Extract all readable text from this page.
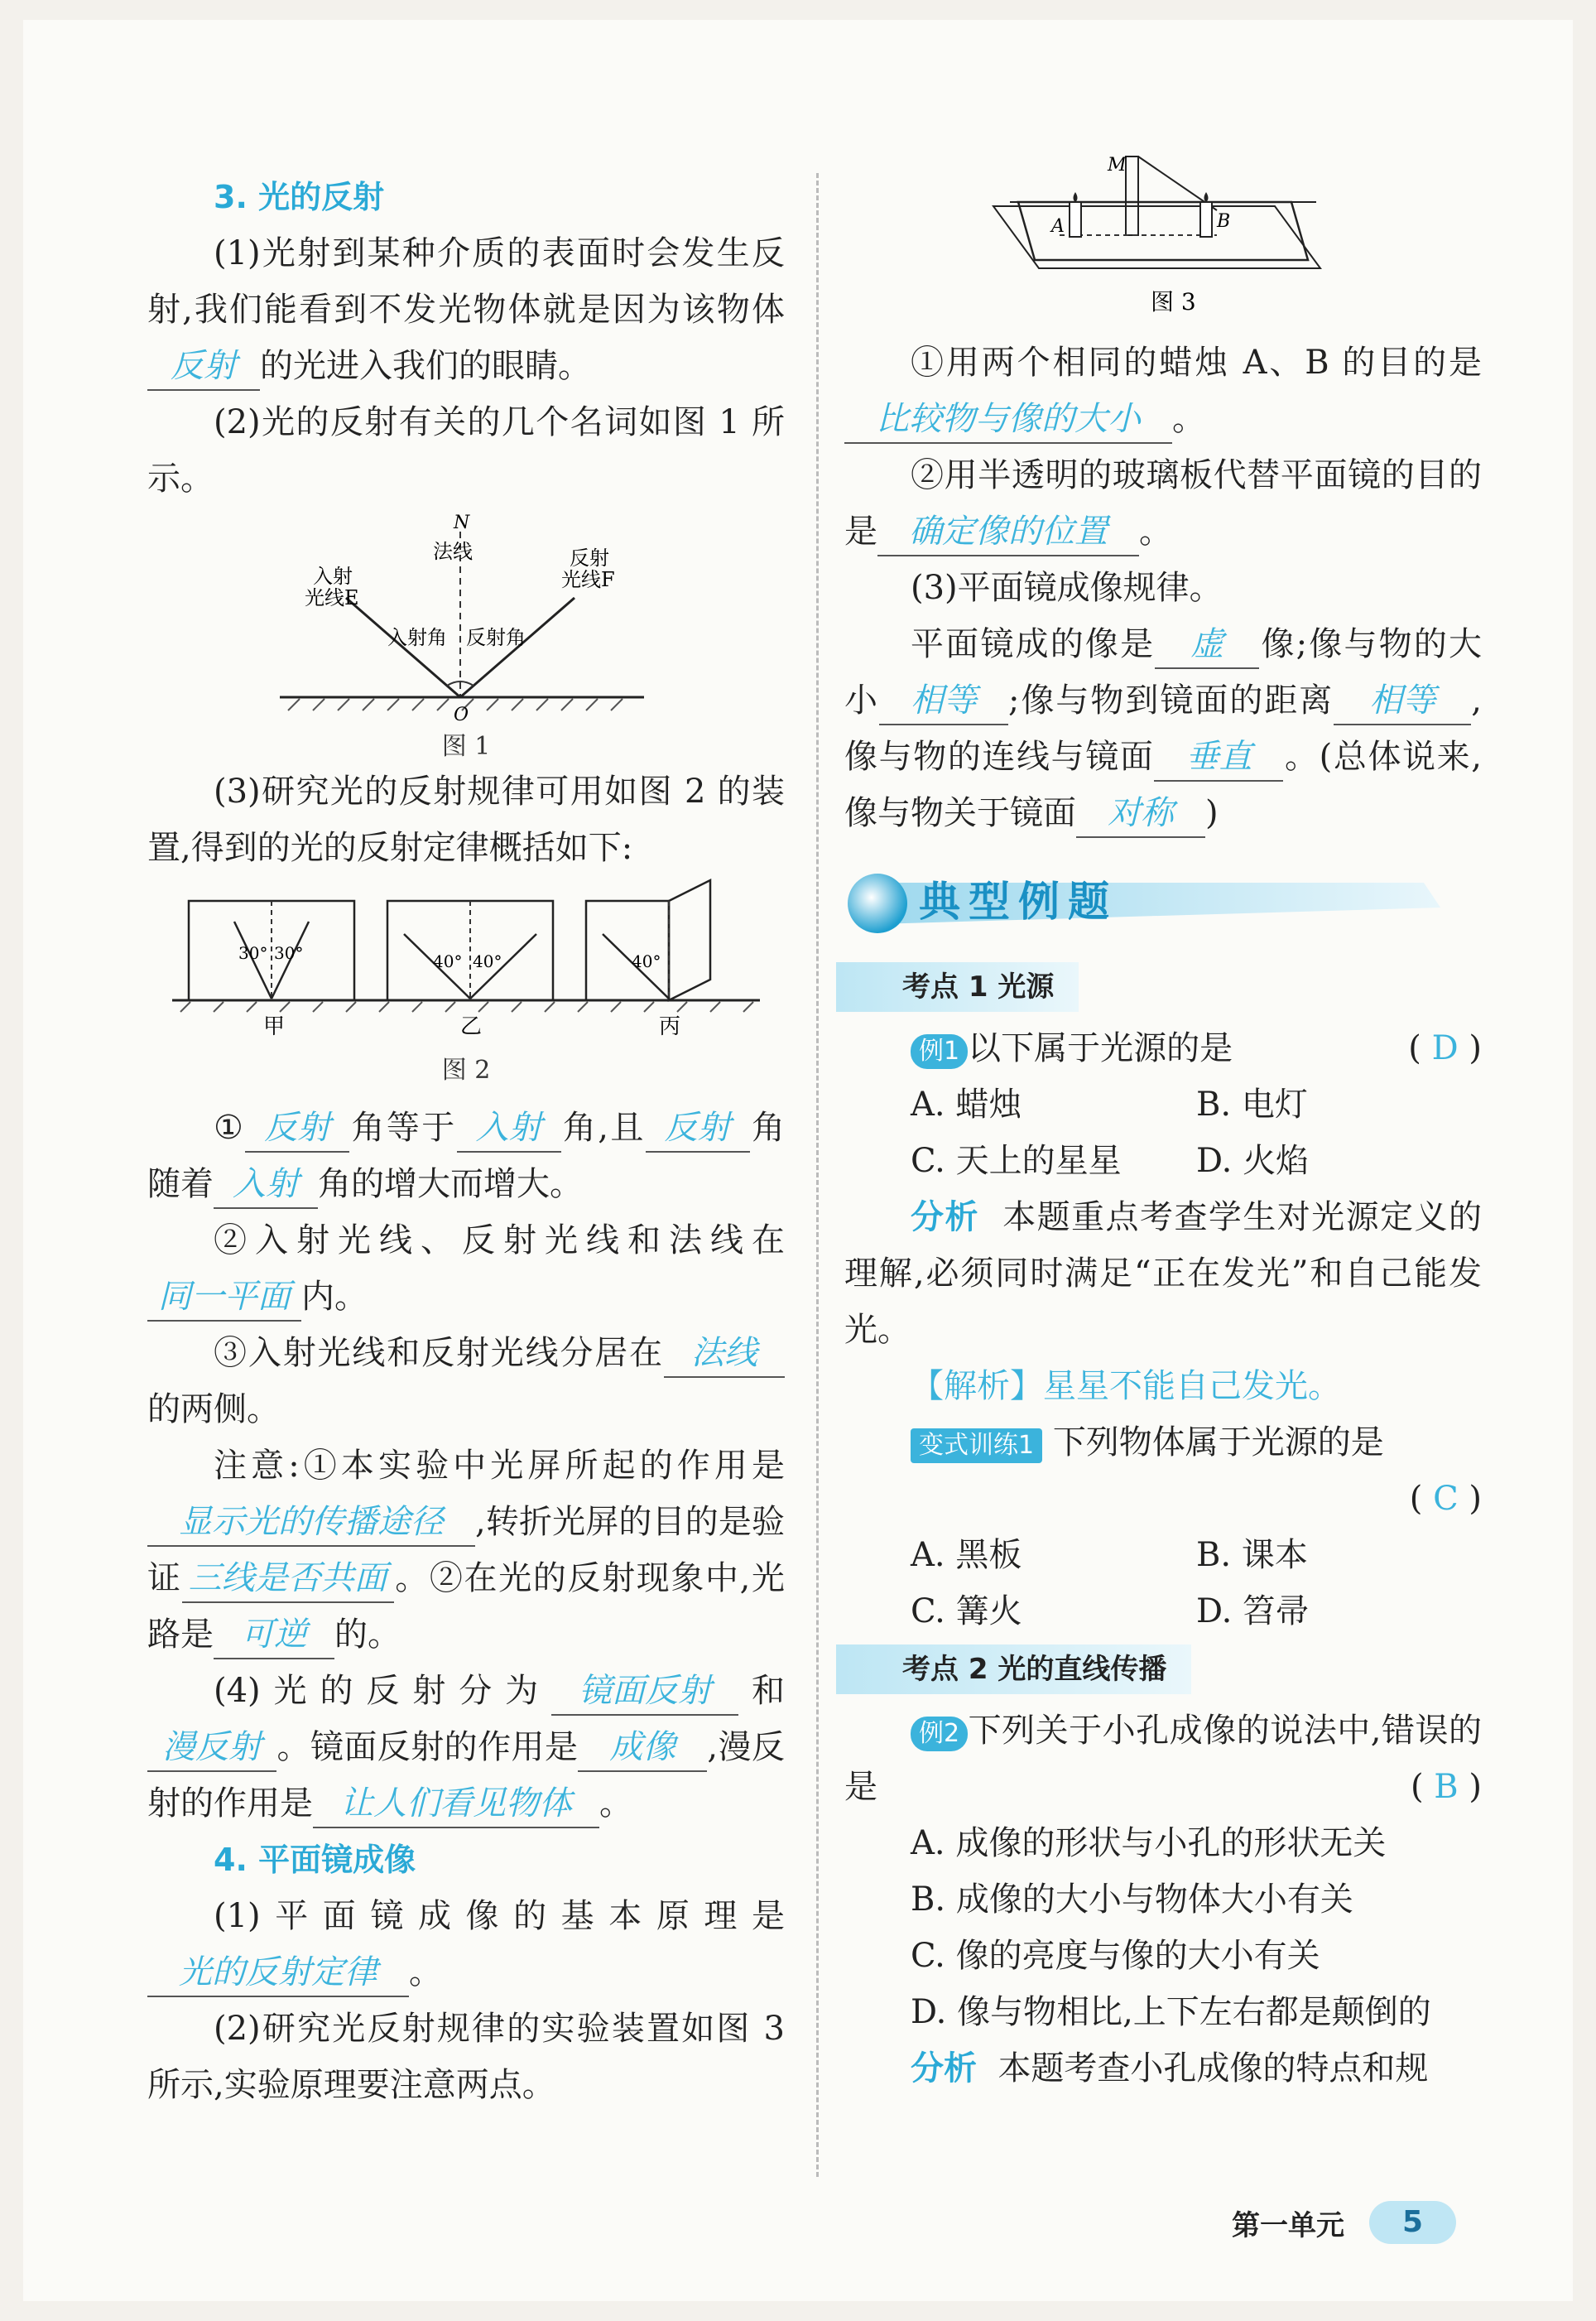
3. 光的反射

(1)光射到某种介质的表面时会发生反射,我们能看到不发光物体就是因为该物体反射 的光进入我们的眼睛。

(2)光的反射有关的几个名词如图 1 所示。

N
法线
入射
光线E
反射
光线F
入射角 反射角
O
图 1

(3)研究光的反射规律可用如图 2 的装置,得到的光的反射定律概括如下:

30° 30°	40° 40°	40°
甲	乙	丙
图 2

① 反射 角等于 入射 角,且 反射 角随着 入射 角的增大而增大。

②入射光线、反射光线和法线在同一平面 内。

③入射光线和反射光线分居在 法线的两侧。

注意:①本实验中光屏所起的作用是显示光的传播途径 ,转折光屏的目的是验证 三线是否共面 。②在光的反射现象中,光路是 可逆 的。

(4)光的反射分为 镜面反射 和漫反射 。镜面反射的作用是 成像 ,漫反射的作用是 让人们看见物体 。

4. 平面镜成像

(1)平面镜成像的基本原理是光的反射定律 。

(2)研究光反射规律的实验装置如图 3 所示,实验原理要注意两点。

M
A	B
图 3

①用两个相同的蜡烛 A、B 的目的是比较物与像的大小 。

②用半透明的玻璃板代替平面镜的目的是 确定像的位置 。

(3)平面镜成像规律。

平面镜成的像是 虚 像;像与物的大小 相等 ;像与物到镜面的距离 相等 ,像与物的连线与镜面 垂直 。(总体说来,像与物关于镜面 对称 )

典型例题
考点 1 光源

例1 以下属于光源的是	( D )

A. 蜡烛	B. 电灯
C. 天上的星星	D. 火焰

分析 本题重点考查学生对光源定义的理解,必须同时满足“正在发光”和自己能发光。

【解析】星星不能自己发光。

变式训练1 下列物体属于光源的是

( C )

A. 黑板	B. 课本
C. 篝火	D. 笤帚
考点 2 光的直线传播

例2 下列关于小孔成像的说法中,错误的是	( B )

A. 成像的形状与小孔的形状无关

B. 成像的大小与物体大小有关

C. 像的亮度与像的大小有关

D. 像与物相比,上下左右都是颠倒的

分析 本题考查小孔成像的特点和规

第一单元	5
